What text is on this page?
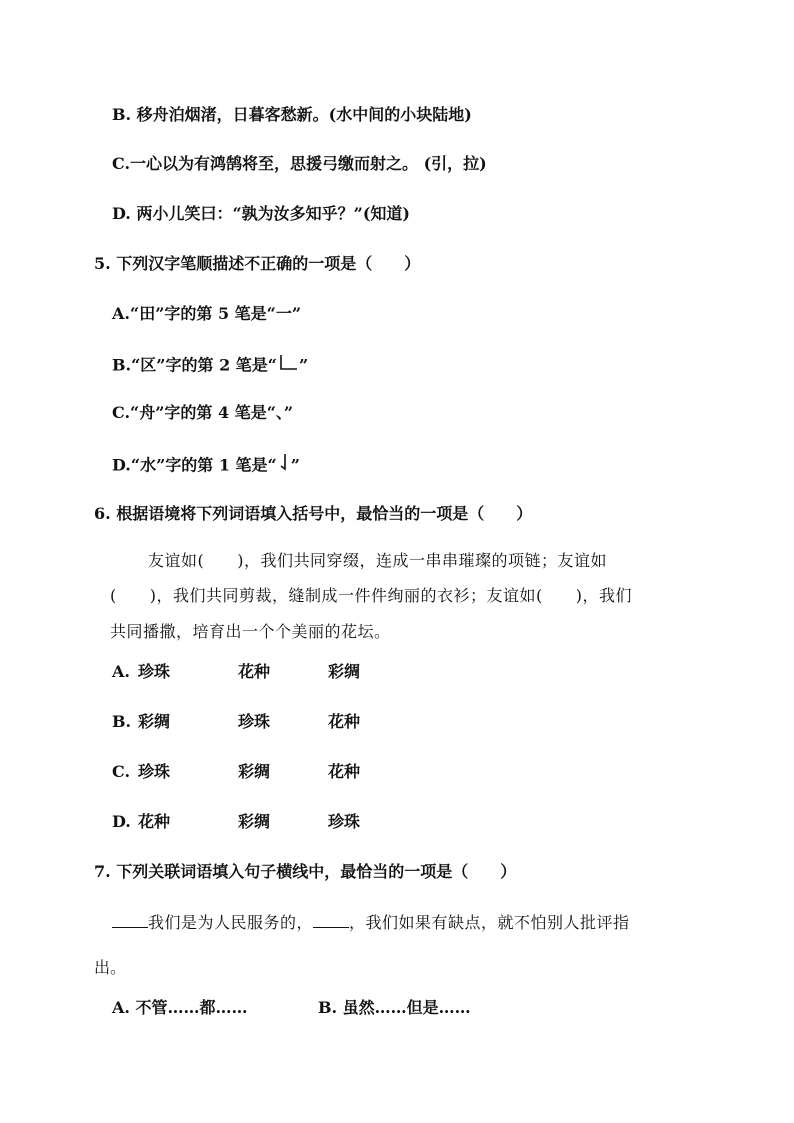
B. 移舟泊烟渚，日暮客愁新。(水中间的小块陆地)
C.一心以为有鸿鹄将至，思援弓缴而射之。 (引，拉)
D. 两小儿笑曰：“孰为汝多知乎？”(知道)
5. 下列汉字笔顺描述不正确的一项是（　　）
A.“田”字的第 5 笔是“一”
B.“区”字的第 2 笔是“ ”
C.“舟”字的第 4 笔是“、”
D.“水”字的第 1 笔是“ ”
6. 根据语境将下列词语填入括号中，最恰当的一项是（　　）
友谊如(　　)，我们共同穿缀，连成一串串璀璨的项链；友谊如
(　　)，我们共同剪裁，缝制成一件件绚丽的衣衫；友谊如(　　)，我们
共同播撒，培育出一个个美丽的花坛。
A. 珍珠	花种	彩绸
B. 彩绸	珍珠	花种
C. 珍珠	彩绸	花种
D. 花种	彩绸	珍珠
7. 下列关联词语填入句子横线中，最恰当的一项是（　　）
我们是为人民服务的， ，我们如果有缺点，就不怕别人批评指
出。
A. 不管……都……	B. 虽然……但是……
